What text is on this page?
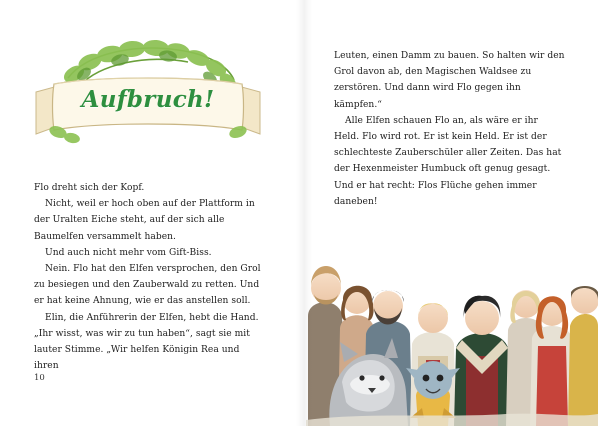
Aufbruch!

Flo dreht sich der Kopf.

Nicht, weil er hoch oben auf der Plattform in der Uralten Eiche steht, auf der sich alle Baumelfen versammelt haben.

Und auch nicht mehr vom Gift-Biss.

Nein. Flo hat den Elfen versprochen, den Grol zu besiegen und den Zauberwald zu retten. Und er hat keine Ahnung, wie er das anstellen soll.

Elin, die Anführerin der Elfen, hebt die Hand. „Ihr wisst, was wir zu tun haben“, sagt sie mit lauter Stimme. „Wir helfen Königin Rea und ihren

10

Leuten, einen Damm zu bauen. So halten wir den Grol davon ab, den Magischen Waldsee zu zerstören. Und dann wird Flo gegen ihn kämpfen.“

Alle Elfen schauen Flo an, als wäre er ihr Held. Flo wird rot. Er ist kein Held. Er ist der schlechteste Zauberschüler aller Zeiten. Das hat der Hexenmeister Humbuck oft genug gesagt. Und er hat recht: Flos Flüche gehen immer daneben!
